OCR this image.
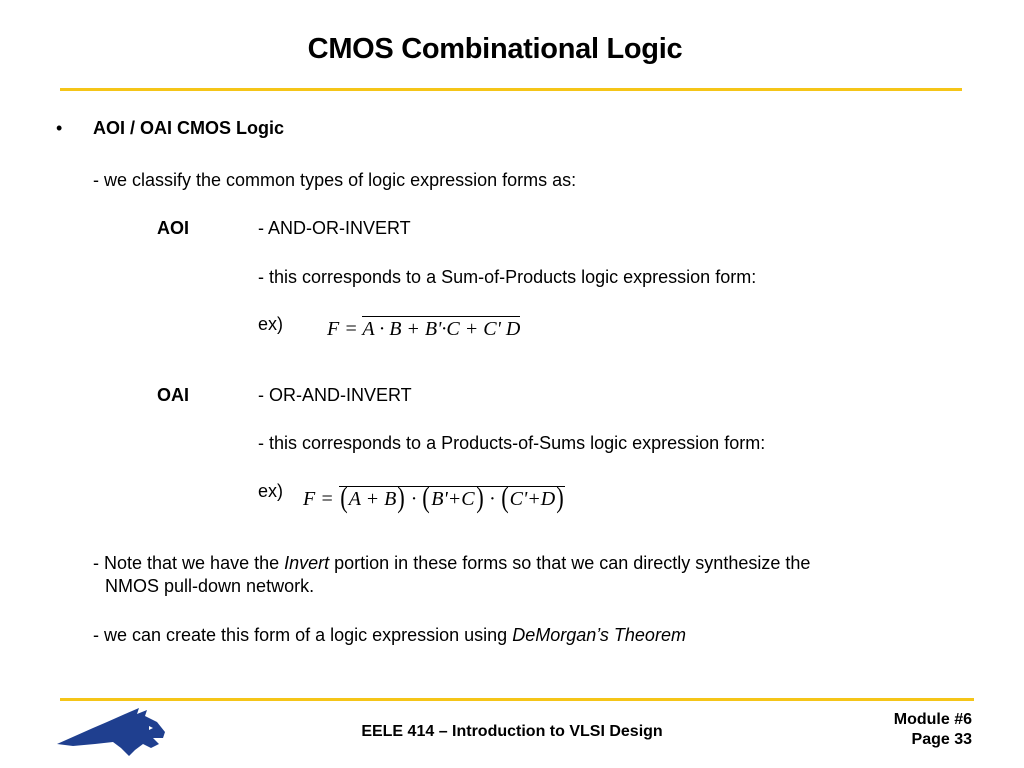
CMOS Combinational Logic
• AOI / OAI CMOS Logic
- we classify the common types of logic expression forms as:
AOI	- AND-OR-INVERT
- this corresponds to a Sum-of-Products logic expression form:
ex) F = A · B + B'·C + C' D
OAI	- OR-AND-INVERT
- this corresponds to a Products-of-Sums logic expression form:
ex) F = (A + B) · (B'+C) · (C'+D)
- Note that we have the Invert portion in these forms so that we can directly synthesize the
NMOS pull-down network.
- we can create this form of a logic expression using DeMorgan’s Theorem
EELE 414 – Introduction to VLSI Design
Module #6
Page 33
